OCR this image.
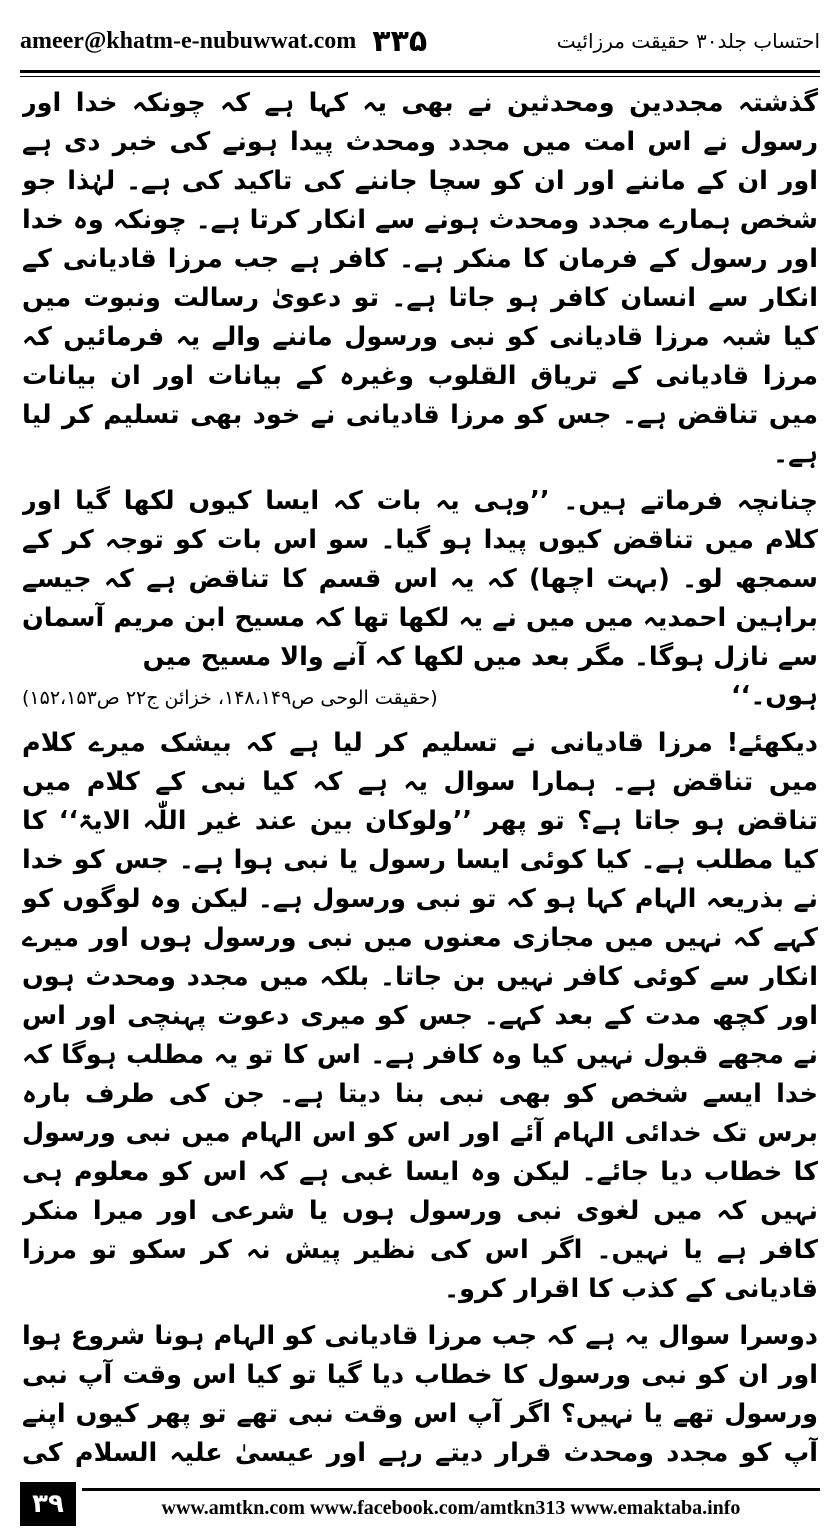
ameer@khatm-e-nubuwwat.com ۳۳۵	احتساب جلد۳۰ حقیقت مرزائیت

گذشتہ مجددین ومحدثین نے بھی یہ کہا ہے کہ چونکہ خدا اور رسول نے اس امت میں مجدد ومحدث پیدا ہونے کی خبر دی ہے اور ان کے ماننے اور ان کو سچا جاننے کی تاکید کی ہے۔ لہٰذا جو شخص ہمارے مجدد ومحدث ہونے سے انکار کرتا ہے۔ چونکہ وہ خدا اور رسول کے فرمان کا منکر ہے۔ کافر ہے جب مرزا قادیانی کے انکار سے انسان کافر ہو جاتا ہے۔ تو دعویٰ رسالت ونبوت میں کیا شبہ مرزا قادیانی کو نبی ورسول ماننے والے یہ فرمائیں کہ مرزا قادیانی کے تریاق القلوب وغیرہ کے بیانات اور ان بیانات میں تناقض ہے۔ جس کو مرزا قادیانی نے خود بھی تسلیم کر لیا ہے۔

چنانچہ فرماتے ہیں۔ ’’وہی یہ بات کہ ایسا کیوں لکھا گیا اور کلام میں تناقض کیوں پیدا ہو گیا۔ سو اس بات کو توجہ کر کے سمجھ لو۔ (بہت اچھا) کہ یہ اس قسم کا تناقض ہے کہ جیسے براہین احمدیہ میں میں نے یہ لکھا تھا کہ مسیح ابن مریم آسمان سے نازل ہوگا۔ مگر بعد میں لکھا کہ آنے والا مسیح میں

ہوں۔‘‘
(حقیقت الوحی ص۱۴۸،۱۴۹، خزائن ج۲۲ ص۱۵۲،۱۵۳)

دیکھئے! مرزا قادیانی نے تسلیم کر لیا ہے کہ بیشک میرے کلام میں تناقض ہے۔ ہمارا سوال یہ ہے کہ کیا نبی کے کلام میں تناقض ہو جاتا ہے؟ تو پھر ’’ولوکان بین عند غیر اللّٰہ الایۃ‘‘ کا کیا مطلب ہے۔ کیا کوئی ایسا رسول یا نبی ہوا ہے۔ جس کو خدا نے بذریعہ الہام کہا ہو کہ تو نبی ورسول ہے۔ لیکن وہ لوگوں کو کہے کہ نہیں میں مجازی معنوں میں نبی ورسول ہوں اور میرے انکار سے کوئی کافر نہیں بن جاتا۔ بلکہ میں مجدد ومحدث ہوں اور کچھ مدت کے بعد کہے۔ جس کو میری دعوت پہنچی اور اس نے مجھے قبول نہیں کیا وہ کافر ہے۔ اس کا تو یہ مطلب ہوگا کہ خدا ایسے شخص کو بھی نبی بنا دیتا ہے۔ جن کی طرف بارہ برس تک خدائی الہام آئے اور اس کو اس الہام میں نبی ورسول کا خطاب دیا جائے۔ لیکن وہ ایسا غبی ہے کہ اس کو معلوم ہی نہیں کہ میں لغوی نبی ورسول ہوں یا شرعی اور میرا منکر کافر ہے یا نہیں۔ اگر اس کی نظیر پیش نہ کر سکو تو مرزا قادیانی کے کذب کا اقرار کرو۔

دوسرا سوال یہ ہے کہ جب مرزا قادیانی کو الہام ہونا شروع ہوا اور ان کو نبی ورسول کا خطاب دیا گیا تو کیا اس وقت آپ نبی ورسول تھے یا نہیں؟ اگر آپ اس وقت نبی تھے تو پھر کیوں اپنے آپ کو مجدد ومحدث قرار دیتے رہے اور عیسیٰ علیہ السلام کی

۳۹	www.amtkn.com www.facebook.com/amtkn313 www.emaktaba.info
